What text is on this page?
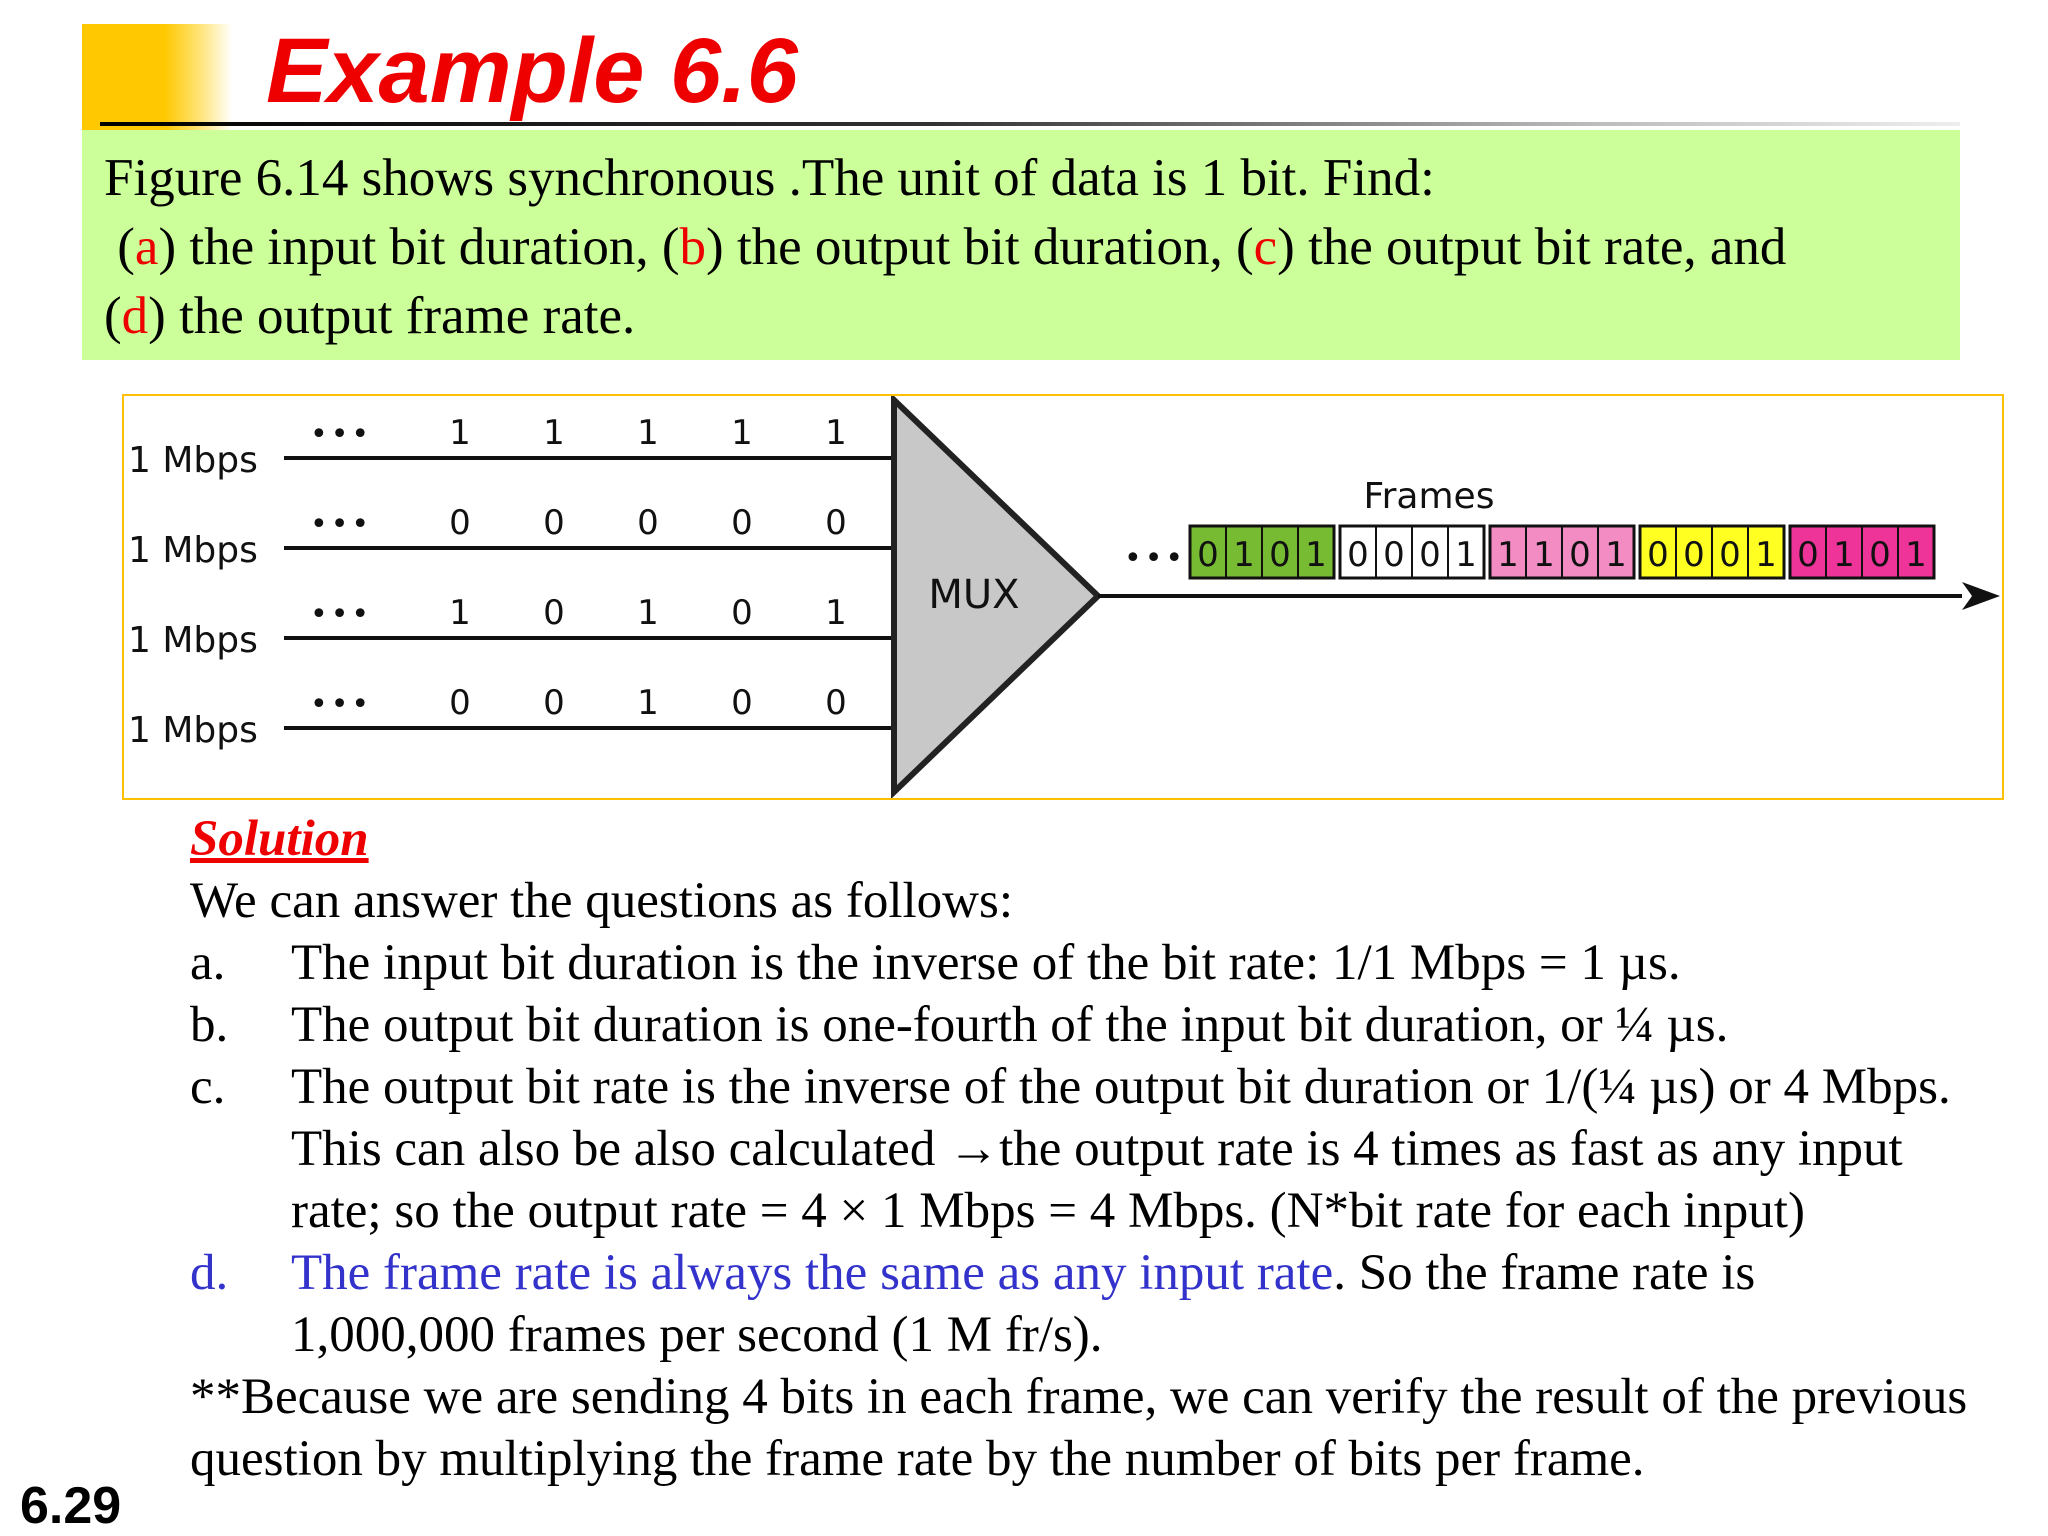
Example 6.6
Figure 6.14 shows synchronous .The unit of data is 1 bit. Find:
(a) the input bit duration, (b) the output bit duration, (c) the output bit rate, and
(d) the output frame rate.
1 Mbps
••• 1 1 1 1 1
1 Mbps
••• 0 0 0 0 0
1 Mbps
••• 1 0 1 0 1
1 Mbps
••• 0 0 1 0 0
MUX
Frames
••• 0 1 0 1 0 0 0 1 1 1 0 1 0 0 0 1 0 1 0 1

Solution

We can answer the questions as follows:

a.	The input bit duration is the inverse of the bit rate: 1/1 Mbps = 1 µs.
b.	The output bit duration is one-fourth of the input bit duration, or ¼ µs.
c.	The output bit rate is the inverse of the output bit duration or 1/(¼ µs) or 4 Mbps.
This can also be also calculated →the output rate is 4 times as fast as any input
rate; so the output rate = 4 × 1 Mbps = 4 Mbps. (N*bit rate for each input)
d.	The frame rate is always the same as any input rate. So the frame rate is
1,000,000 frames per second (1 M fr/s).

**Because we are sending 4 bits in each frame, we can verify the result of the previous
question by multiplying the frame rate by the number of bits per frame.

6.29
